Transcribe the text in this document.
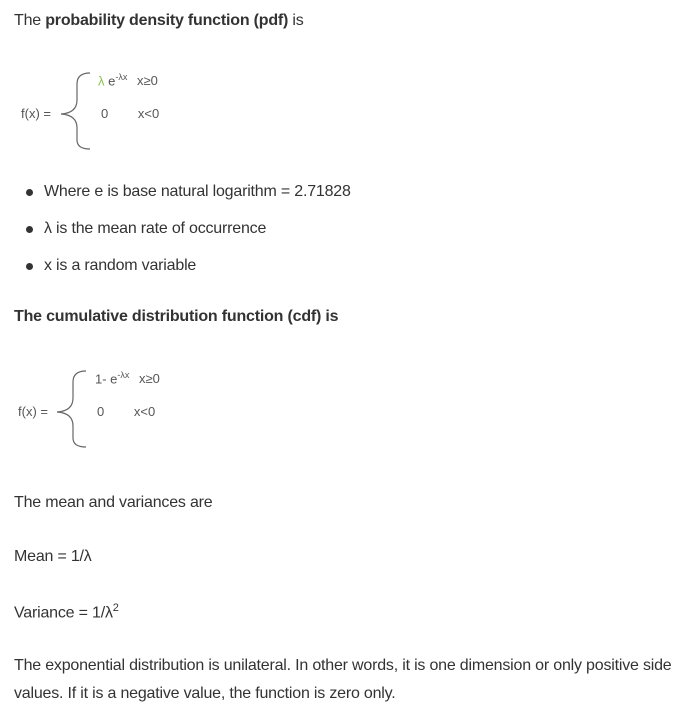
The probability density function (pdf) is
f(x) =
λ $e^{-\lambda x}$ x≥0
0 x<0
Where e is base natural logarithm = 2.71828
λ is the mean rate of occurrence
x is a random variable
The cumulative distribution function (cdf) is
f(x) =
1- $e^{-\lambda x}$ x≥0
0 x<0
The mean and variances are
Mean = 1/λ
Variance = $1/\lambda^2$
The exponential distribution is unilateral. In other words, it is one dimension or only positive side values. If it is a negative value, the function is zero only.
